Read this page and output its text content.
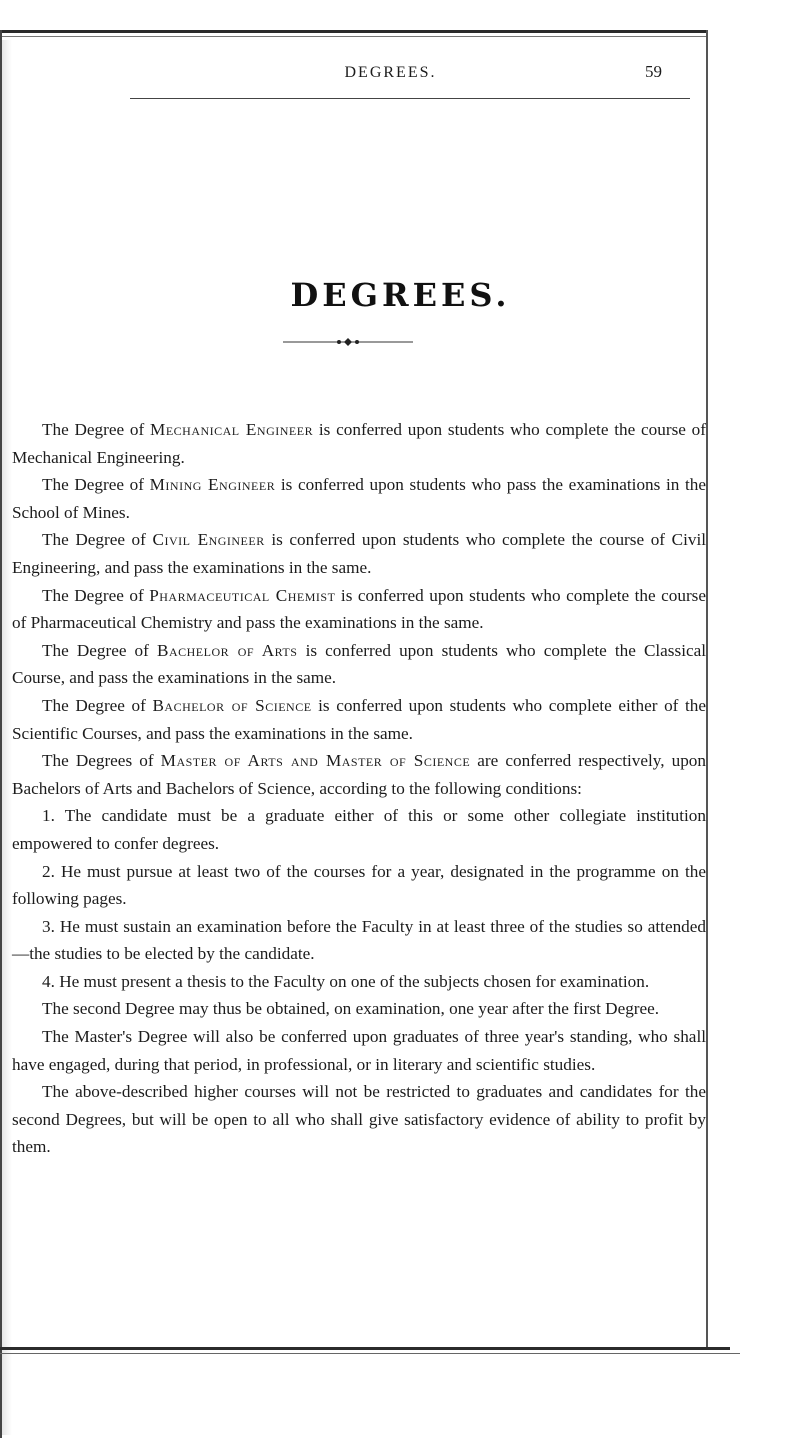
DEGREES.	59
DEGREES.

The Degree of Mechanical Engineer is conferred upon students who complete the course of Mechanical Engineering.

The Degree of Mining Engineer is conferred upon students who pass the examinations in the School of Mines.

The Degree of Civil Engineer is conferred upon students who complete the course of Civil Engineering, and pass the examinations in the same.

The Degree of Pharmaceutical Chemist is conferred upon students who complete the course of Pharmaceutical Chemistry and pass the examinations in the same.

The Degree of Bachelor of Arts is conferred upon students who complete the Classical Course, and pass the examinations in the same.

The Degree of Bachelor of Science is conferred upon students who complete either of the Scientific Courses, and pass the examinations in the same.

The Degrees of Master of Arts and Master of Science are conferred respectively, upon Bachelors of Arts and Bachelors of Science, according to the following conditions:

1. The candidate must be a graduate either of this or some other collegiate institution empowered to confer degrees.

2. He must pursue at least two of the courses for a year, designated in the programme on the following pages.

3. He must sustain an examination before the Faculty in at least three of the studies so attended—the studies to be elected by the candidate.

4. He must present a thesis to the Faculty on one of the subjects chosen for examination.

The second Degree may thus be obtained, on examination, one year after the first Degree.

The Master's Degree will also be conferred upon graduates of three year's standing, who shall have engaged, during that period, in professional, or in literary and scientific studies.

The above-described higher courses will not be restricted to graduates and candidates for the second Degrees, but will be open to all who shall give satisfactory evidence of ability to profit by them.
